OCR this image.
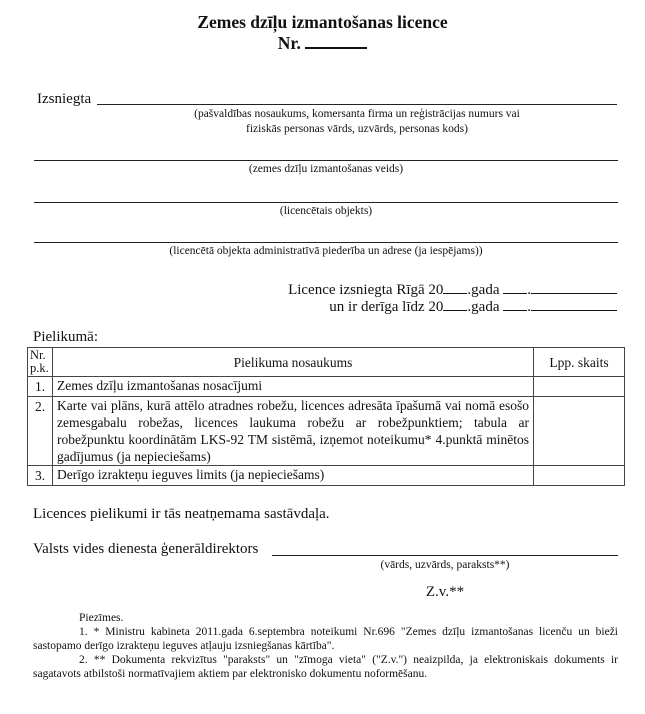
Zemes dzīļu izmantošanas licence
Nr.
Izsniegta
(pašvaldības nosaukums, komersanta firma un reģistrācijas numurs vai
fiziskās personas vārds, uzvārds, personas kods)
(zemes dzīļu izmantošanas veids)
(licencētais objekts)
(licencētā objekta administratīvā piederība un adrese (ja iespējams))
Licence izsniegta Rīgā 20 .gada .
un ir derīga līdz 20 .gada .
Pielikumā:
Nr. p.k.	Pielikuma nosaukums	Lpp. skaits
1.	Zemes dzīļu izmantošanas nosacījumi	
2.	Karte vai plāns, kurā attēlo atradnes robežu, licences adresāta īpašumā vai nomā esošo zemesgabalu robežas, licences laukuma robežu ar robežpunktiem; tabula ar robežpunktu koordinātām LKS-92 TM sistēmā, izņemot noteikumu* 4.punktā minētos gadījumus (ja nepieciešams)	
3.	Derīgo izrakteņu ieguves limits (ja nepieciešams)	
Licences pielikumi ir tās neatņemama sastāvdaļa.
Valsts vides dienesta ģenerāldirektors
(vārds, uzvārds, paraksts**)
Z.v.**
Piezīmes.
1. * Ministru kabineta 2011.gada 6.septembra noteikumi Nr.696 "Zemes dzīļu izmantošanas licenču un bieži sastopamo derīgo izrakteņu ieguves atļauju izsniegšanas kārtība".
2. ** Dokumenta rekvizītus "paraksts" un "zīmoga vieta" ("Z.v.") neaizpilda, ja elektroniskais dokuments ir sagatavots atbilstoši normatīvajiem aktiem par elektronisko dokumentu noformēšanu.
